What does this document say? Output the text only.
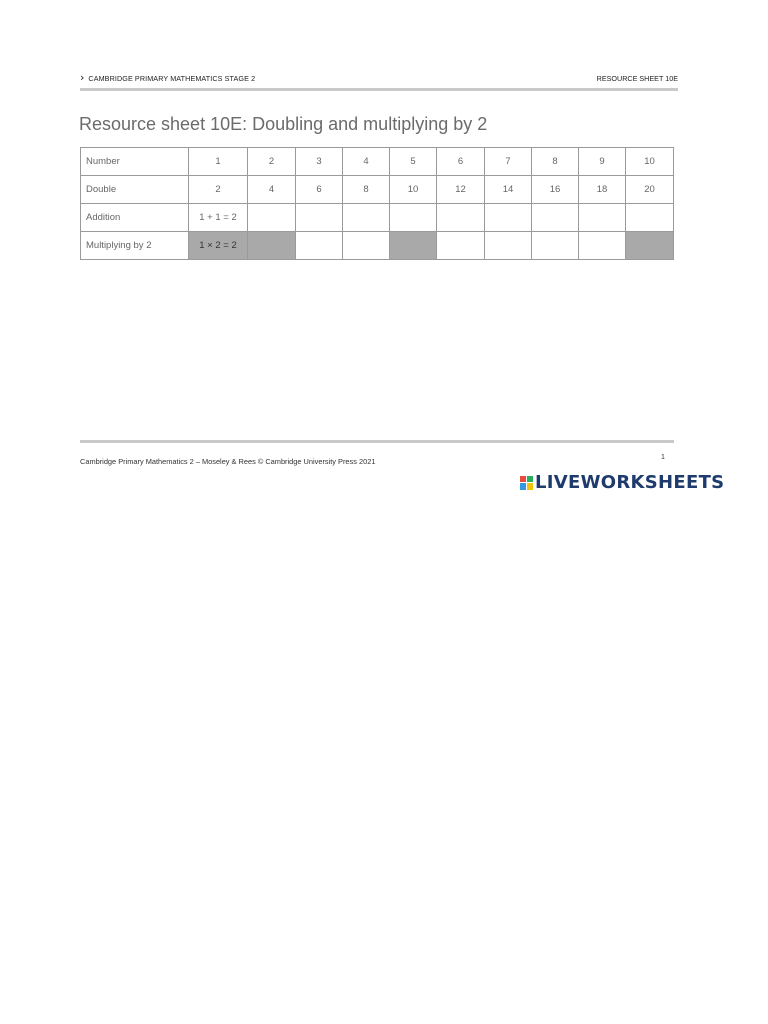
› CAMBRIDGE PRIMARY MATHEMATICS STAGE 2	RESOURCE SHEET 10E
Resource sheet 10E: Doubling and multiplying by 2
Number	1	2	3	4	5	6	7	8	9	10
Double	2	4	6	8	10	12	14	16	18	20
Addition	1 + 1 = 2									
Multiplying by 2	1 × 2 = 2									
Cambridge Primary Mathematics 2 – Moseley & Rees © Cambridge University Press 2021	1
LIVEWORKSHEETS
